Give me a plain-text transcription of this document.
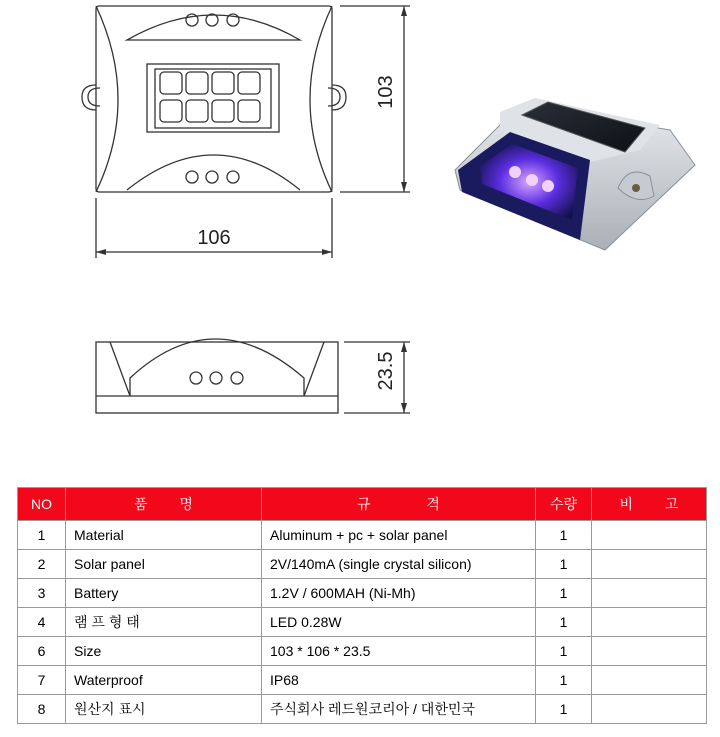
103
106
23.5
NO	품 명	규 격	수량	비 고
1	Material	Aluminum + pc + solar panel	1	
2	Solar panel	2V/140mA (single crystal silicon)	1	
3	Battery	1.2V / 600MAH (Ni-Mh)	1	
4	램 프 형 태	LED 0.28W	1	
6	Size	103 * 106 * 23.5	1	
7	Waterproof	IP68	1	
8	원산지 표시	주식회사 레드원코리아 / 대한민국	1	
